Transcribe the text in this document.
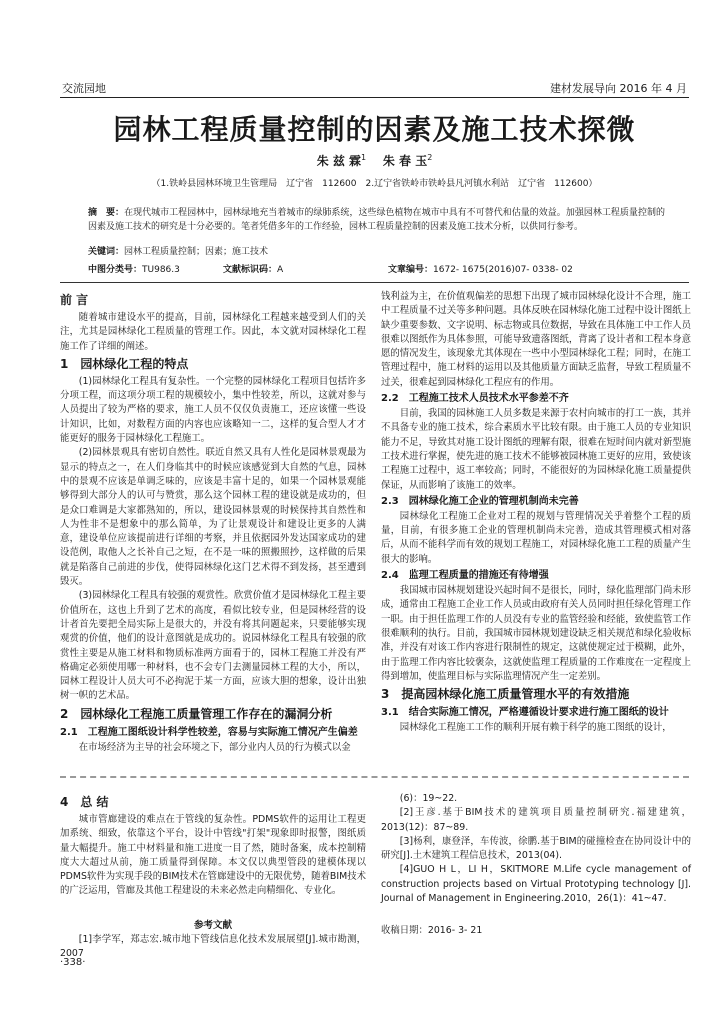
交流园地	建材发展导向 2016 年 4 月
园林工程质量控制的因素及施工技术探微
朱 兹 霖$^1$ 朱 春 玉$^2$
（1.铁岭县园林环境卫生管理局　辽宁省　112600　2.辽宁省铁岭市铁岭县凡河镇水利站　辽宁省　112600）
摘　要：在现代城市工程园林中，园林绿地充当着城市的绿肺系统，这些绿色植物在城市中具有不可替代和估量的效益。加强园林工程质量控制的因素及施工技术的研究是十分必要的。笔者凭借多年的工作经验，园林工程质量控制的因素及施工技术分析，以供同行参考。
关键词：园林工程质量控制；因素；施工技术
中图分类号：TU986.3	文献标识码：A	文章编号：1672- 1675(2016)07- 0338- 02
前 言

随着城市建设水平的提高，目前，园林绿化工程越来越受到人们的关注，尤其是园林绿化工程质量的管理工作。因此，本文就对园林绿化工程施工作了详细的阐述。

1　园林绿化工程的特点

(1)园林绿化工程具有复杂性。一个完整的园林绿化工程项目包括许多分项工程，而这项分项工程的规模较小，集中性较差，所以，这就对参与人员提出了较为严格的要求，施工人员不仅仅负责施工，还应该懂一些设计知识，比如，对数程方面的内容也应该略知一二，这样的复合型人才才能更好的服务于园林绿化工程施工。

(2)园林景观具有密切自然性。联近自然又具有人性化是园林景观最为显示的特点之一，在人们身临其中的时候应该感觉到大自然的气息，园林中的景观不应该是单调乏味的，应该是丰富十足的，如果一个园林景观能够得到大部分人的认可与赞赏，那么这个园林工程的建设就是成功的，但是众口难调是大家都熟知的，所以，建设园林景观的时候保持其自然性和人为性非不是想象中的那么简单，为了让景观设计和建设让更多的人满意，建设单位应该提前进行详细的考察，并且依据园外发达国家成功的建设范例，取他人之长补自己之短，在不是一味的照搬照抄，这样做的后果就是陷落自己前进的步伐，使得园林绿化这门艺术得不到发扬，甚至遭到毁灭。

(3)园林绿化工程具有较强的观赏性。欣赏价值才是园林绿化工程主要价值所在，这也上升到了艺术的高度，看似比较专业，但是园林经营的设计者首先要把全局实际上是很大的，并没有将其问题起来，只要能够实现观赏的价值，他们的设计意图就是成功的。说园林绿化工程具有较强的欣赏性主要是从施工材料和物质标准两方面看于的，园林工程施工并没有严格确定必须使用哪一种材料，也不会专门去测量园林工程的大小，所以，园林工程设计人员大可不必拘泥于某一方面，应该大胆的想象，设计出独树一帜的艺术品。

2　园林绿化工程施工质量管理工作存在的漏洞分析
2.1　工程施工图纸设计科学性较差，容易与实际施工情况产生偏差

在市场经济为主导的社会环境之下，部分业内人员的行为模式以金

钱利益为主，在价值观偏差的思想下出现了城市园林绿化设计不合理，施工中工程质量不过关等多种问题。具体反映在园林绿化施工过程中设计图纸上缺少重要参数、文字说明、标志物或具位数据，导致在具体施工中工作人员很难以图纸作为具体参照，可能导致遗落图纸，背离了设计者和工程本身意愿的情况发生，该现象尤其体现在一些中小型园林绿化工程；同时，在施工管理过程中，施工材料的运用以及其他质量方面缺乏监督，导致工程质量不过关，很难起到园林绿化工程应有的作用。

2.2　工程施工技术人员技术水平参差不齐

目前，我国的园林施工人员多数是来源于农村向城市的打工一族，其并不具备专业的施工技术，综合素质水平比较有限。由于施工人员的专业知识能力不足，导致其对施工设计图纸的理解有限，很难在短时间内就对新型施工技术进行掌握，使先进的施工技术不能够被园林施工更好的应用，致使该工程施工过程中，返工率较高；同时，不能很好的为园林绿化施工质量提供保证，从而影响了该施工的效率。

2.3　园林绿化施工企业的管理机制尚未完善

园林绿化工程施工企业对工程的规划与管理情况关乎着整个工程的质量，目前，有很多施工企业的管理机制尚未完善，造成其管理模式相对落后，从而不能科学而有效的规划工程施工，对园林绿化施工工程的质量产生很大的影响。

2.4　监理工程质量的措施还有待增强

我国城市园林规划建设兴起时间不是很长，同时，绿化监理部门尚未形成，通常由工程施工企业工作人员或由政府有关人员同时担任绿化管理工作一职。由于担任监理工作的人员没有专业的监管经验和经能，致使监管工作很难顺利的执行。目前，我国城市园林规划建设缺乏相关规范和绿化验收标准，并没有对该工作内容进行限制性的规定，这就使规定过于模糊，此外，由于监理工作内容比较褒杂，这就使监理工程质量的工作难度在一定程度上得到增加，使监理目标与实际监理情况产生一定差别。

3　提高园林绿化施工质量管理水平的有效措施
3.1　结合实际施工情况，严格遵循设计要求进行施工图纸的设计

园林绿化工程施工工作的顺利开展有赖于科学的施工图纸的设计，

4　总 结

城市管廊建设的难点在于管线的复杂性。PDMS软件的运用让工程更加系统、细致，依靠这个平台，设计中管线"打架"现象即时报警，图纸质量大幅提升。施工中材料量和施工进度一目了然，随时备案，成本控制精度大大超过从前，施工质量得到保障。本文仅以典型管段的建模体现以PDMS软件为实现手段的BIM技术在管廊建设中的无限优势，随着BIM技术的广泛运用，管廊及其他工程建设的未来必然走向精细化、专业化。

参考文献

[1]李学军，郑志宏.城市地下管线信息化技术发展展望[J].城市勘测，2007

(6)：19~22.

[2]王彦.基于BIM技术的建筑项目质量控制研究.福建建筑，2013(12)：87~89.

[3]杨利，康登泽，车传波，徐鹏.基于BIM的碰撞检查在协同设计中的研究[J].土木建筑工程信息技术，2013(04).

[4]GUO H L，LI H，SKITMORE M.Life cycle management of construction projects based on Virtual Prototyping technology [J]. Journal of Management in Engineering.2010，26(1)：41~47.

收稿日期：2016- 3- 21
·338·
